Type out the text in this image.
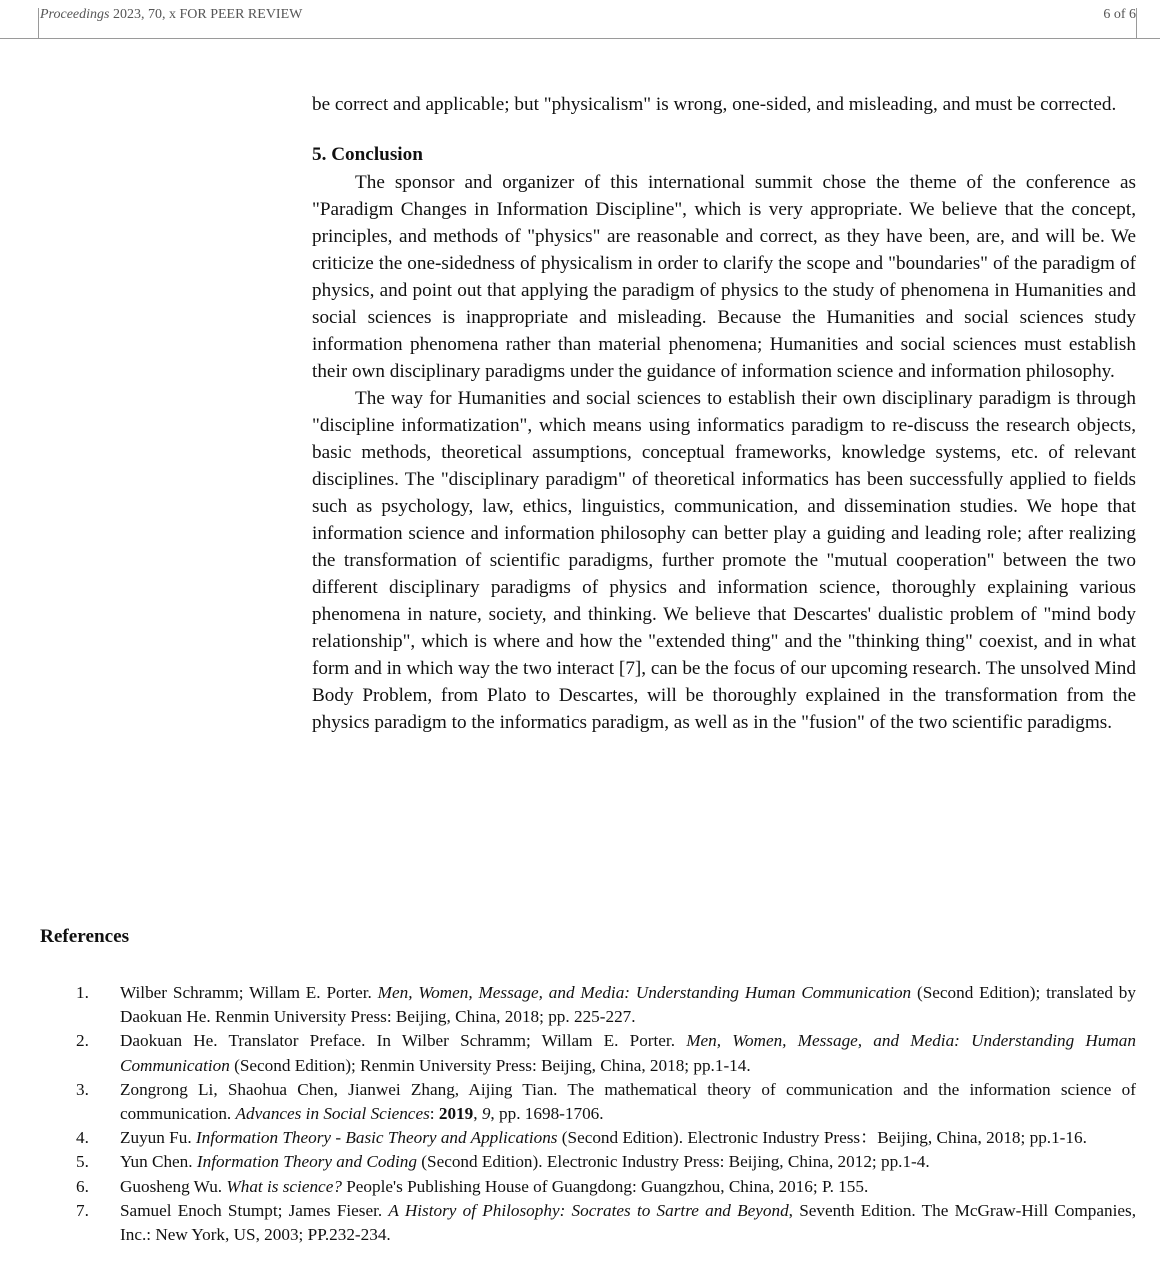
Proceedings 2023, 70, x FOR PEER REVIEW	6 of 6

be correct and applicable; but "physicalism" is wrong, one-sided, and misleading, and must be corrected.

5. Conclusion

The sponsor and organizer of this international summit chose the theme of the conference as "Paradigm Changes in Information Discipline", which is very appropriate. We believe that the concept, principles, and methods of "physics" are reasonable and correct, as they have been, are, and will be. We criticize the one-sidedness of physicalism in order to clarify the scope and "boundaries" of the paradigm of physics, and point out that applying the paradigm of physics to the study of phenomena in Humanities and social sciences is inappropriate and misleading. Because the Humanities and social sciences study information phenomena rather than material phenomena; Humanities and social sciences must establish their own disciplinary paradigms under the guidance of information science and information philosophy.

The way for Humanities and social sciences to establish their own disciplinary paradigm is through "discipline informatization", which means using informatics paradigm to re-discuss the research objects, basic methods, theoretical assumptions, conceptual frameworks, knowledge systems, etc. of relevant disciplines. The "disciplinary paradigm" of theoretical informatics has been successfully applied to fields such as psychology, law, ethics, linguistics, communication, and dissemination studies. We hope that information science and information philosophy can better play a guiding and leading role; after realizing the transformation of scientific paradigms, further promote the "mutual cooperation" between the two different disciplinary paradigms of physics and information science, thoroughly explaining various phenomena in nature, society, and thinking. We believe that Descartes' dualistic problem of "mind body relationship", which is where and how the "extended thing" and the "thinking thing" coexist, and in what form and in which way the two interact [7], can be the focus of our upcoming research. The unsolved Mind Body Problem, from Plato to Descartes, will be thoroughly explained in the transformation from the physics paradigm to the informatics paradigm, as well as in the "fusion" of the two scientific paradigms.

References
1. Wilber Schramm; Willam E. Porter. Men, Women, Message, and Media: Understanding Human Communication (Second Edition); translated by Daokuan He. Renmin University Press: Beijing, China, 2018; pp. 225-227.
2. Daokuan He. Translator Preface. In Wilber Schramm; Willam E. Porter. Men, Women, Message, and Media: Understanding Human Communication (Second Edition); Renmin University Press: Beijing, China, 2018; pp.1-14.
3. Zongrong Li, Shaohua Chen, Jianwei Zhang, Aijing Tian. The mathematical theory of communication and the information science of communication. Advances in Social Sciences: 2019, 9, pp. 1698-1706.
4. Zuyun Fu. Information Theory - Basic Theory and Applications (Second Edition). Electronic Industry Press：Beijing, China, 2018; pp.1-16.
5. Yun Chen. Information Theory and Coding (Second Edition). Electronic Industry Press: Beijing, China, 2012; pp.1-4.
6. Guosheng Wu. What is science? People's Publishing House of Guangdong: Guangzhou, China, 2016; P. 155.
7. Samuel Enoch Stumpt; James Fieser. A History of Philosophy: Socrates to Sartre and Beyond, Seventh Edition. The McGraw-Hill Companies, Inc.: New York, US, 2003; PP.232-234.
